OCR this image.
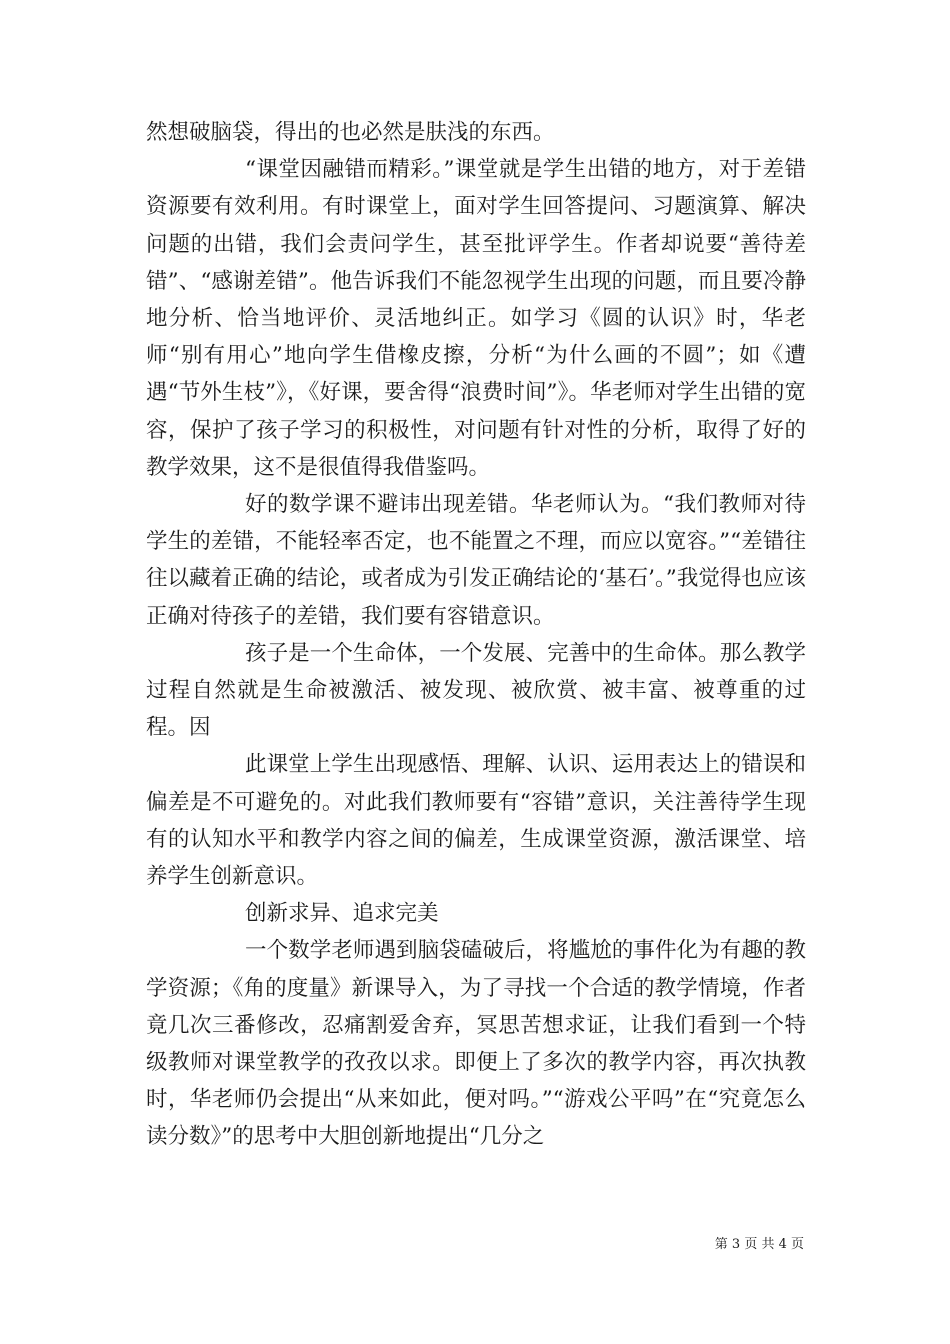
然想破脑袋，得出的也必然是肤浅的东西。

“课堂因融错而精彩。”课堂就是学生出错的地方，对于差错资源要有效利用。有时课堂上，面对学生回答提问、习题演算、解决问题的出错，我们会责问学生，甚至批评学生。作者却说要“善待差错”、“感谢差错”。他告诉我们不能忽视学生出现的问题，而且要冷静地分析、恰当地评价、灵活地纠正。如学习《圆的认识》时，华老师“别有用心”地向学生借橡皮擦，分析“为什么画的不圆”；如《遭遇“节外生枝”》，《好课，要舍得“浪费时间”》。华老师对学生出错的宽容，保护了孩子学习的积极性，对问题有针对性的分析，取得了好的教学效果，这不是很值得我借鉴吗。

好的数学课不避讳出现差错。华老师认为。“我们教师对待学生的差错，不能轻率否定，也不能置之不理，而应以宽容。”“差错往往以藏着正确的结论，或者成为引发正确结论的‘基石’。”我觉得也应该正确对待孩子的差错，我们要有容错意识。

孩子是一个生命体，一个发展、完善中的生命体。那么教学过程自然就是生命被激活、被发现、被欣赏、被丰富、被尊重的过程。因

此课堂上学生出现感悟、理解、认识、运用表达上的错误和偏差是不可避免的。对此我们教师要有“容错”意识，关注善待学生现有的认知水平和教学内容之间的偏差，生成课堂资源，激活课堂、培养学生创新意识。

创新求异、追求完美

一个数学老师遇到脑袋磕破后，将尴尬的事件化为有趣的教学资源；《角的度量》新课导入，为了寻找一个合适的教学情境，作者竟几次三番修改，忍痛割爱舍弃，冥思苦想求证，让我们看到一个特级教师对课堂教学的孜孜以求。即便上了多次的教学内容，再次执教时，华老师仍会提出“从来如此，便对吗。”“游戏公平吗”在“究竟怎么读分数》”的思考中大胆创新地提出“几分之

第 3 页 共 4 页
